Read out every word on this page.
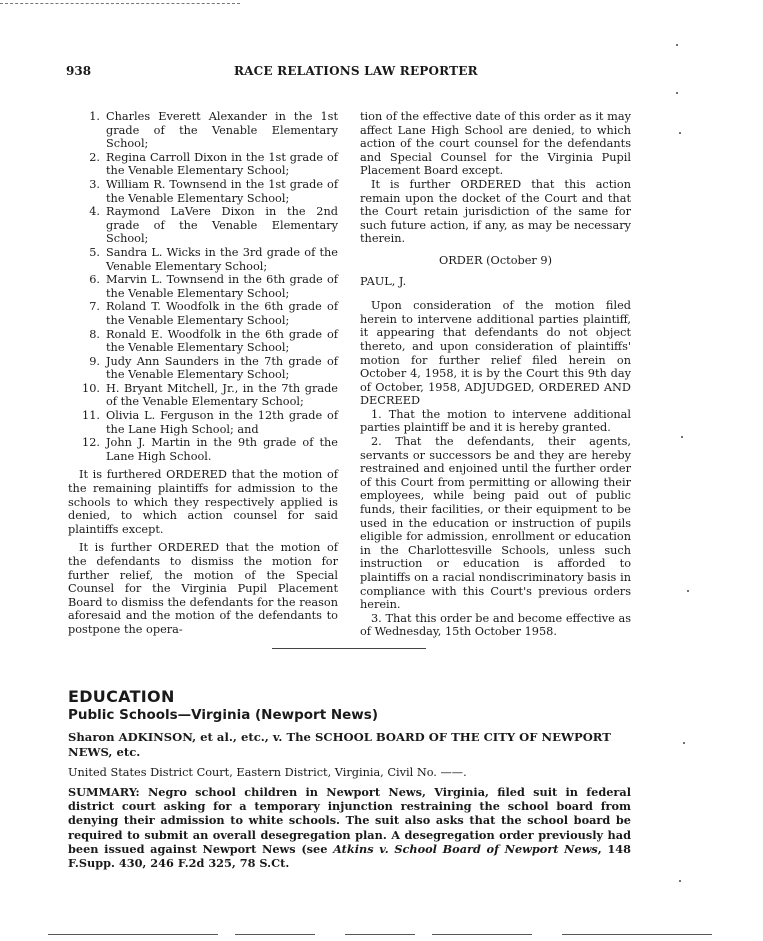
938	RACE RELATIONS LAW REPORTER
1. Charles Everett Alexander in the 1st grade of the Venable Elementary School;
2. Regina Carroll Dixon in the 1st grade of the Venable Elementary School;
3. William R. Townsend in the 1st grade of the Venable Elementary School;
4. Raymond LaVere Dixon in the 2nd grade of the Venable Elementary School;
5. Sandra L. Wicks in the 3rd grade of the Venable Elementary School;
6. Marvin L. Townsend in the 6th grade of the Venable Elementary School;
7. Roland T. Woodfolk in the 6th grade of the Venable Elementary School;
8. Ronald E. Woodfolk in the 6th grade of the Venable Elementary School;
9. Judy Ann Saunders in the 7th grade of the Venable Elementary School;
10. H. Bryant Mitchell, Jr., in the 7th grade of the Venable Elementary School;
11. Olivia L. Ferguson in the 12th grade of the Lane High School; and
12. John J. Martin in the 9th grade of the Lane High School.

It is furthered ORDERED that the motion of the remaining plaintiffs for admission to the schools to which they respectively applied is denied, to which action counsel for said plaintiffs except.

It is further ORDERED that the motion of the defendants to dismiss the motion for further relief, the motion of the Special Counsel for the Virginia Pupil Placement Board to dismiss the defendants for the reason aforesaid and the motion of the defendants to postpone the opera-

tion of the effective date of this order as it may affect Lane High School are denied, to which action of the court counsel for the defendants and Special Counsel for the Virginia Pupil Placement Board except.

It is further ORDERED that this action remain upon the docket of the Court and that the Court retain jurisdiction of the same for such future action, if any, as may be necessary therein.

ORDER (October 9)

PAUL, J.

Upon consideration of the motion filed herein to intervene additional parties plaintiff, it appearing that defendants do not object thereto, and upon consideration of plaintiffs' motion for further relief filed herein on October 4, 1958, it is by the Court this 9th day of October, 1958, ADJUDGED, ORDERED AND DECREED

1. That the motion to intervene additional parties plaintiff be and it is hereby granted.

2. That the defendants, their agents, servants or successors be and they are hereby restrained and enjoined until the further order of this Court from permitting or allowing their employees, while being paid out of public funds, their facilities, or their equipment to be used in the education or instruction of pupils eligible for admission, enrollment or education in the Charlottesville Schools, unless such instruction or education is afforded to plaintiffs on a racial nondiscriminatory basis in compliance with this Court's previous orders herein.

3. That this order be and become effective as of Wednesday, 15th October 1958.

EDUCATION
Public Schools—Virginia (Newport News)
Sharon ADKINSON, et al., etc., v. The SCHOOL BOARD OF THE CITY OF NEWPORT NEWS, etc.
United States District Court, Eastern District, Virginia, Civil No. ——.
SUMMARY: Negro school children in Newport News, Virginia, filed suit in federal district court asking for a temporary injunction restraining the school board from denying their admission to white schools. The suit also asks that the school board be required to submit an overall desegregation plan. A desegregation order previously had been issued against Newport News (see Atkins v. School Board of Newport News, 148 F.Supp. 430, 246 F.2d 325, 78 S.Ct.
